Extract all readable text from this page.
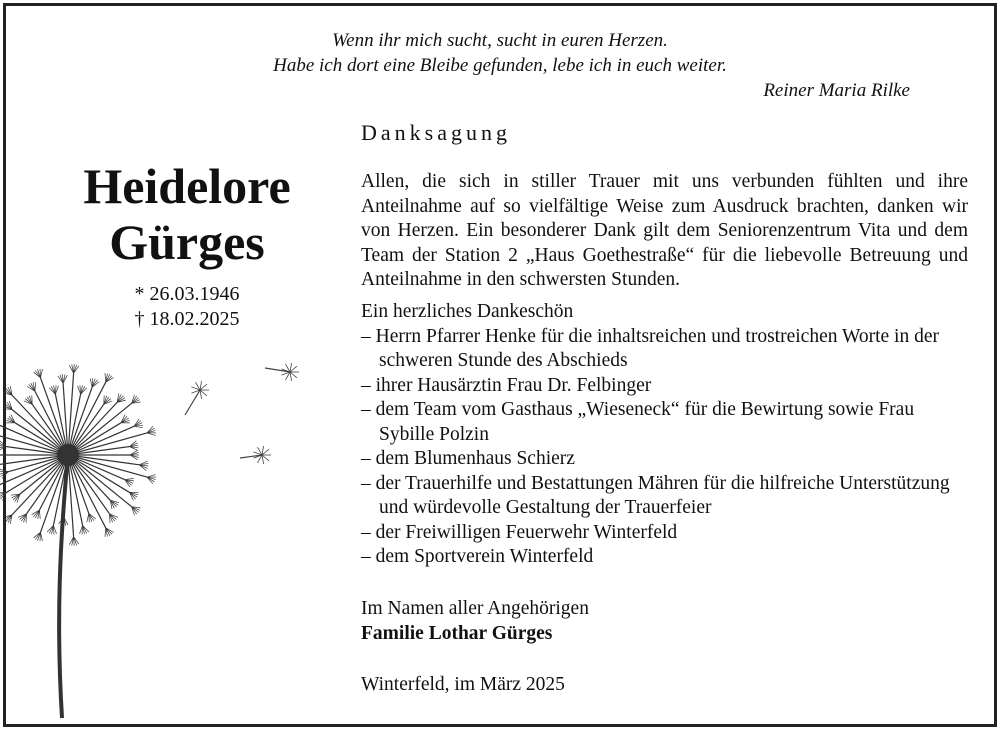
Wenn ihr mich sucht, sucht in euren Herzen.
Habe ich dort eine Bleibe gefunden, lebe ich in euch weiter.
Reiner Maria Rilke
Danksagung
Heidelore
Gürges
* 26.03.1946
† 18.02.2025
Allen, die sich in stiller Trauer mit uns verbunden fühlten und ihre Anteilnahme auf so vielfältige Weise zum Ausdruck brachten, danken wir von Herzen. Ein besonderer Dank gilt dem Seniorenzentrum Vita und dem Team der Station 2 „Haus Goethestraße“ für die liebevolle Betreuung und Anteilnahme in den schwersten Stunden.
Ein herzliches Dankeschön
– Herrn Pfarrer Henke für die inhaltsreichen und trostreichen Worte in der schweren Stunde des Abschieds
– ihrer Hausärztin Frau Dr. Felbinger
– dem Team vom Gasthaus „Wieseneck“ für die Bewirtung sowie Frau Sybille Polzin
– dem Blumenhaus Schierz
– der Trauerhilfe und Bestattungen Mähren für die hilfreiche Unterstützung und würdevolle Gestaltung der Trauerfeier
– der Freiwilligen Feuerwehr Winterfeld
– dem Sportverein Winterfeld
Im Namen aller Angehörigen
Familie Lothar Gürges
Winterfeld, im März 2025
